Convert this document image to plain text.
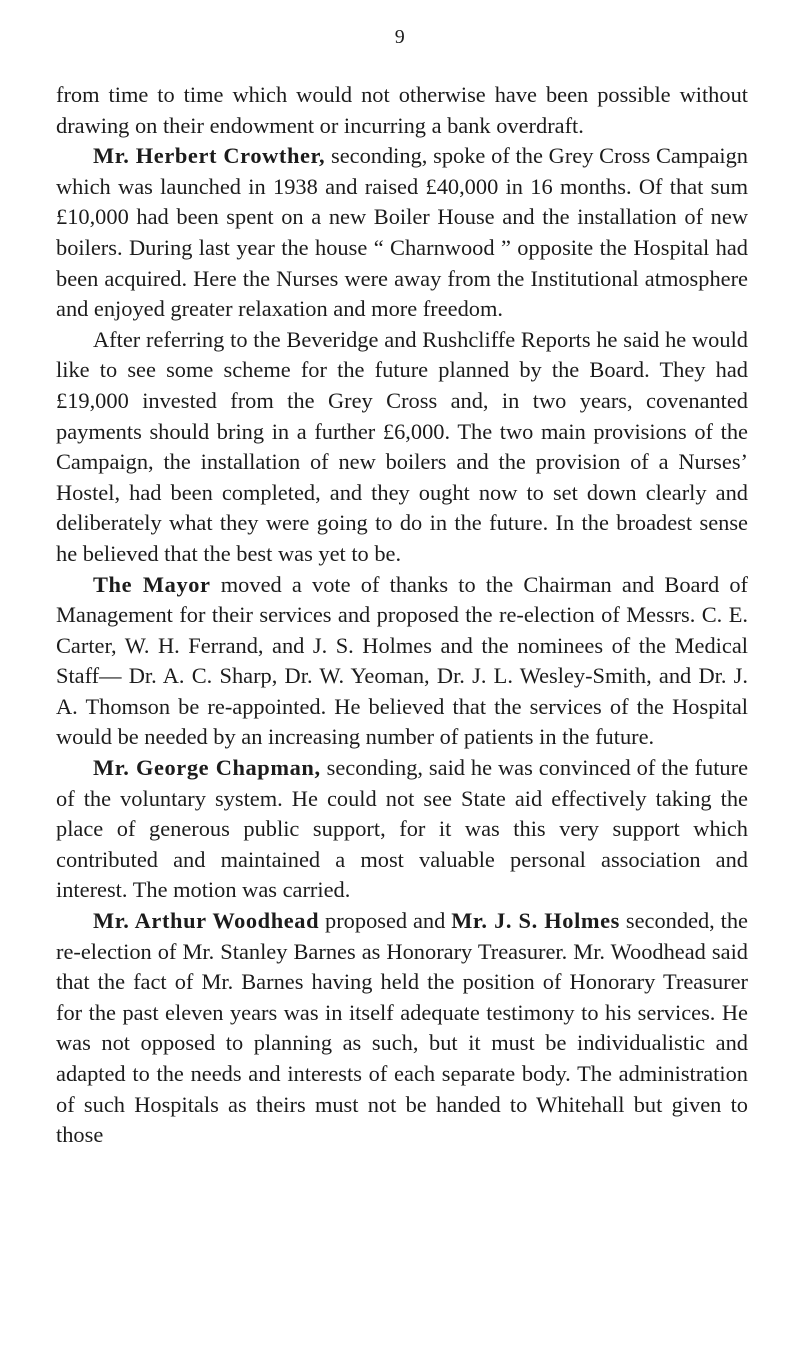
9

from time to time which would not otherwise have been possible without drawing on their endowment or incurring a bank overdraft.

Mr. Herbert Crowther, seconding, spoke of the Grey Cross Campaign which was launched in 1938 and raised £40,000 in 16 months. Of that sum £10,000 had been spent on a new Boiler House and the installation of new boilers. During last year the house “ Charnwood ” opposite the Hospital had been acquired. Here the Nurses were away from the Institutional atmosphere and enjoyed greater relaxation and more freedom.

After referring to the Beveridge and Rushcliffe Reports he said he would like to see some scheme for the future planned by the Board. They had £19,000 invested from the Grey Cross and, in two years, covenanted payments should bring in a further £6,000. The two main provisions of the Campaign, the installation of new boilers and the provision of a Nurses’ Hostel, had been completed, and they ought now to set down clearly and deliberately what they were going to do in the future. In the broadest sense he believed that the best was yet to be.

The Mayor moved a vote of thanks to the Chairman and Board of Management for their services and proposed the re-election of Messrs. C. E. Carter, W. H. Ferrand, and J. S. Holmes and the nominees of the Medical Staff— Dr. A. C. Sharp, Dr. W. Yeoman, Dr. J. L. Wesley-Smith, and Dr. J. A. Thomson be re-appointed. He believed that the services of the Hospital would be needed by an increasing number of patients in the future.

Mr. George Chapman, seconding, said he was convinced of the future of the voluntary system. He could not see State aid effectively taking the place of generous public support, for it was this very support which contributed and maintained a most valuable personal association and interest. The motion was carried.

Mr. Arthur Woodhead proposed and Mr. J. S. Holmes seconded, the re-election of Mr. Stanley Barnes as Honorary Treasurer. Mr. Woodhead said that the fact of Mr. Barnes having held the position of Honorary Treasurer for the past eleven years was in itself adequate testimony to his services. He was not opposed to planning as such, but it must be individualistic and adapted to the needs and interests of each separate body. The administration of such Hospitals as theirs must not be handed to Whitehall but given to those
